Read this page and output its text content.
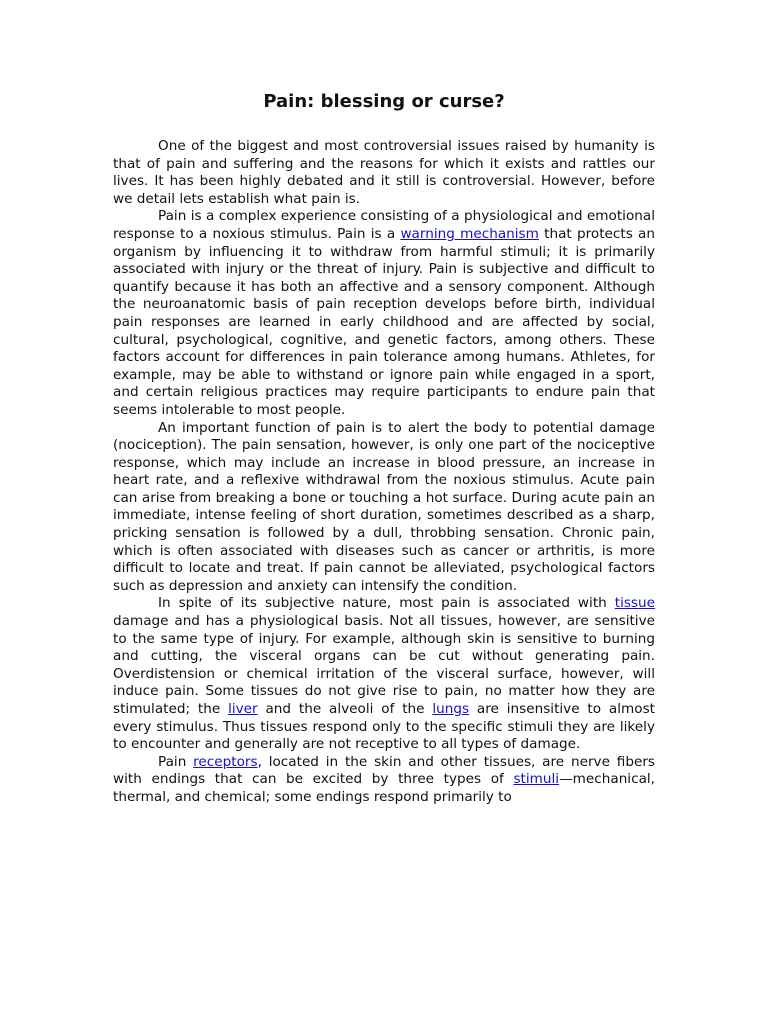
Pain: blessing or curse?

One of the biggest and most controversial issues raised by humanity is that of pain and suffering and the reasons for which it exists and rattles our lives. It has been highly debated and it still is controversial. However, before we detail lets establish what pain is.

Pain is a complex experience consisting of a physiological and emotional response to a noxious stimulus. Pain is a warning mechanism that protects an organism by influencing it to withdraw from harmful stimuli; it is primarily associated with injury or the threat of injury. Pain is subjective and difficult to quantify because it has both an affective and a sensory component. Although the neuroanatomic basis of pain reception develops before birth, individual pain responses are learned in early childhood and are affected by social, cultural, psychological, cognitive, and genetic factors, among others. These factors account for differences in pain tolerance among humans. Athletes, for example, may be able to withstand or ignore pain while engaged in a sport, and certain religious practices may require participants to endure pain that seems intolerable to most people.

An important function of pain is to alert the body to potential damage (nociception). The pain sensation, however, is only one part of the nociceptive response, which may include an increase in blood pressure, an increase in heart rate, and a reflexive withdrawal from the noxious stimulus. Acute pain can arise from breaking a bone or touching a hot surface. During acute pain an immediate, intense feeling of short duration, sometimes described as a sharp, pricking sensation is followed by a dull, throbbing sensation. Chronic pain, which is often associated with diseases such as cancer or arthritis, is more difficult to locate and treat. If pain cannot be alleviated, psychological factors such as depression and anxiety can intensify the condition.

In spite of its subjective nature, most pain is associated with tissue damage and has a physiological basis. Not all tissues, however, are sensitive to the same type of injury. For example, although skin is sensitive to burning and cutting, the visceral organs can be cut without generating pain. Overdistension or chemical irritation of the visceral surface, however, will induce pain. Some tissues do not give rise to pain, no matter how they are stimulated; the liver and the alveoli of the lungs are insensitive to almost every stimulus. Thus tissues respond only to the specific stimuli they are likely to encounter and generally are not receptive to all types of damage.

Pain receptors, located in the skin and other tissues, are nerve fibers with endings that can be excited by three types of stimuli—mechanical, thermal, and chemical; some endings respond primarily to
